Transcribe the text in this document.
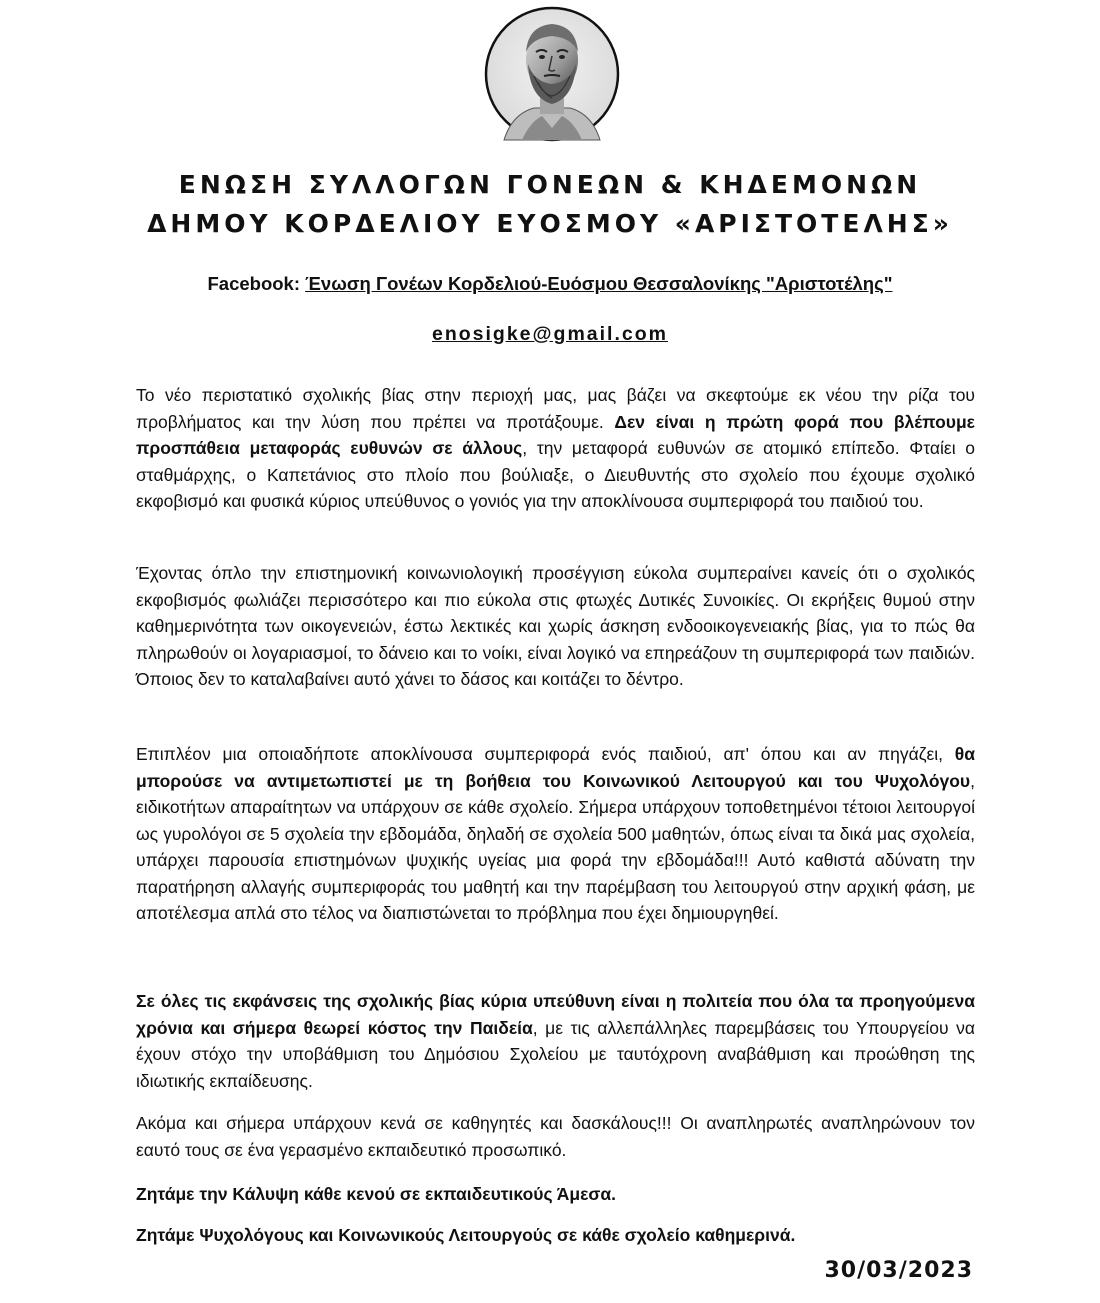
ΕΝΩΣΗ ΣΥΛΛΟΓΩΝ ΓΟΝΕΩΝ & ΚΗΔΕΜΟΝΩΝ
ΔΗΜΟΥ ΚΟΡΔΕΛΙΟΥ ΕΥΟΣΜΟΥ «ΑΡΙΣΤΟΤΕΛΗΣ»
Facebook: Ένωση Γονέων Κορδελιού-Ευόσμου Θεσσαλονίκης "Αριστοτέλης"
enosigke@gmail.com

Το νέο περιστατικό σχολικής βίας στην περιοχή μας, μας βάζει να σκεφτούμε εκ νέου την ρίζα του προβλήματος και την λύση που πρέπει να προτάξουμε. Δεν είναι η πρώτη φορά που βλέπουμε προσπάθεια μεταφοράς ευθυνών σε άλλους, την μεταφορά ευθυνών σε ατομικό επίπεδο. Φταίει ο σταθμάρχης, ο Καπετάνιος στο πλοίο που βούλιαξε, ο Διευθυντής στο σχολείο που έχουμε σχολικό εκφοβισμό και φυσικά κύριος υπεύθυνος ο γονιός για την αποκλίνουσα συμπεριφορά του παιδιού του.

Έχοντας όπλο την επιστημονική κοινωνιολογική προσέγγιση εύκολα συμπεραίνει κανείς ότι ο σχολικός εκφοβισμός φωλιάζει περισσότερο και πιο εύκολα στις φτωχές Δυτικές Συνοικίες. Οι εκρήξεις θυμού στην καθημερινότητα των οικογενειών, έστω λεκτικές και χωρίς άσκηση ενδοοικογενειακής βίας, για το πώς θα πληρωθούν οι λογαριασμοί, το δάνειο και το νοίκι, είναι λογικό να επηρεάζουν τη συμπεριφορά των παιδιών. Όποιος δεν το καταλαβαίνει αυτό χάνει το δάσος και κοιτάζει το δέντρο.

Επιπλέον μια οποιαδήποτε αποκλίνουσα συμπεριφορά ενός παιδιού, απ' όπου και αν πηγάζει, θα μπορούσε να αντιμετωπιστεί με τη βοήθεια του Κοινωνικού Λειτουργού και του Ψυχολόγου, ειδικοτήτων απαραίτητων να υπάρχουν σε κάθε σχολείο. Σήμερα υπάρχουν τοποθετημένοι τέτοιοι λειτουργοί ως γυρολόγοι σε 5 σχολεία την εβδομάδα, δηλαδή σε σχολεία 500 μαθητών, όπως είναι τα δικά μας σχολεία, υπάρχει παρουσία επιστημόνων ψυχικής υγείας μια φορά την εβδομάδα!!! Αυτό καθιστά αδύνατη την παρατήρηση αλλαγής συμπεριφοράς του μαθητή και την παρέμβαση του λειτουργού στην αρχική φάση, με αποτέλεσμα απλά στο τέλος να διαπιστώνεται το πρόβλημα που έχει δημιουργηθεί.

Σε όλες τις εκφάνσεις της σχολικής βίας κύρια υπεύθυνη είναι η πολιτεία που όλα τα προηγούμενα χρόνια και σήμερα θεωρεί κόστος την Παιδεία, με τις αλλεπάλληλες παρεμβάσεις του Υπουργείου να έχουν στόχο την υποβάθμιση του Δημόσιου Σχολείου με ταυτόχρονη αναβάθμιση και προώθηση της ιδιωτικής εκπαίδευσης.

Ακόμα και σήμερα υπάρχουν κενά σε καθηγητές και δασκάλους!!! Οι αναπληρωτές αναπληρώνουν τον εαυτό τους σε ένα γερασμένο εκπαιδευτικό προσωπικό.

Ζητάμε την Κάλυψη κάθε κενού σε εκπαιδευτικούς Άμεσα.

Ζητάμε Ψυχολόγους και Κοινωνικούς Λειτουργούς σε κάθε σχολείο καθημερινά.

30/03/2023
